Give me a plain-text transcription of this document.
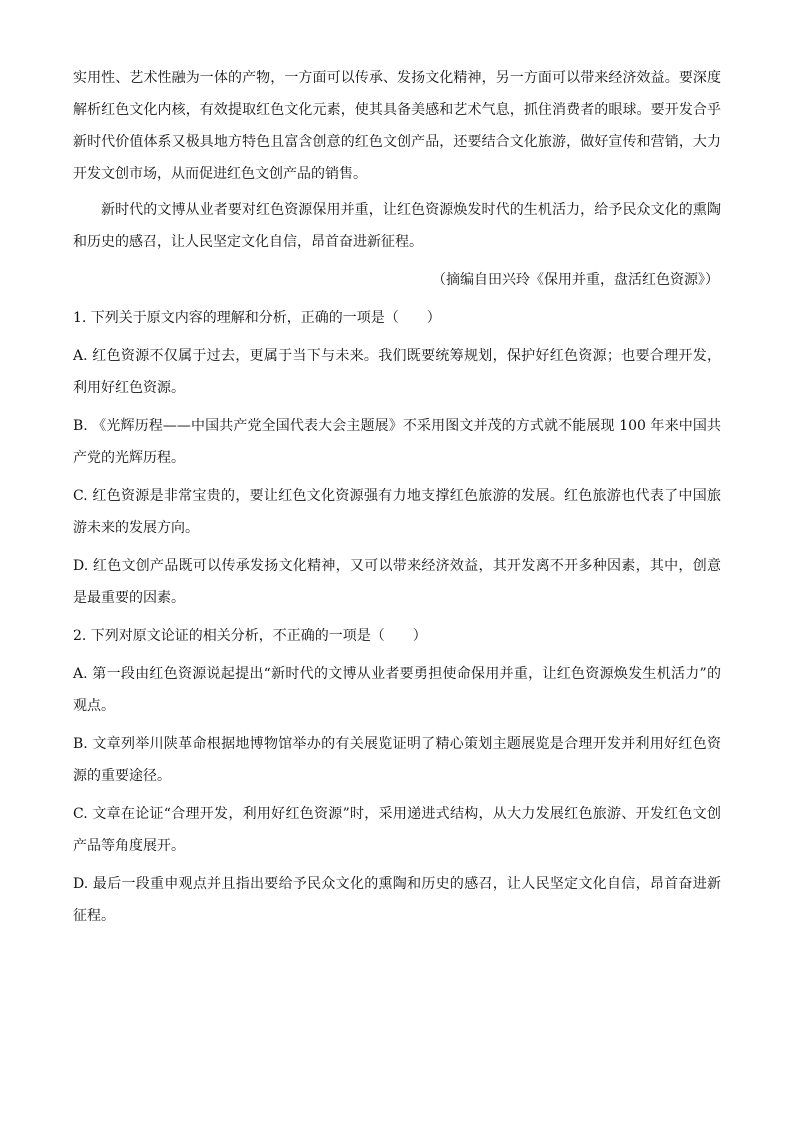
实用性、艺术性融为一体的产物，一方面可以传承、发扬文化精神，另一方面可以带来经济效益。要深度解析红色文化内核，有效提取红色文化元素，使其具备美感和艺术气息，抓住消费者的眼球。要开发合乎新时代价值体系又极具地方特色且富含创意的红色文创产品，还要结合文化旅游，做好宣传和营销，大力开发文创市场，从而促进红色文创产品的销售。

新时代的文博从业者要对红色资源保用并重，让红色资源焕发时代的生机活力，给予民众文化的熏陶和历史的感召，让人民坚定文化自信，昂首奋进新征程。

（摘编自田兴玲《保用并重，盘活红色资源》）

1. 下列关于原文内容的理解和分析，正确的一项是（　　）

A. 红色资源不仅属于过去，更属于当下与未来。我们既要统筹规划，保护好红色资源；也要合理开发，利用好红色资源。

B. 《光辉历程——中国共产党全国代表大会主题展》不采用图文并茂的方式就不能展现 100 年来中国共产党的光辉历程。

C. 红色资源是非常宝贵的，要让红色文化资源强有力地支撑红色旅游的发展。红色旅游也代表了中国旅游未来的发展方向。

D. 红色文创产品既可以传承发扬文化精神，又可以带来经济效益，其开发离不开多种因素，其中，创意是最重要的因素。

2. 下列对原文论证的相关分析，不正确的一项是（　　）

A. 第一段由红色资源说起提出“新时代的文博从业者要勇担使命保用并重，让红色资源焕发生机活力”的观点。

B. 文章列举川陕革命根据地博物馆举办的有关展览证明了精心策划主题展览是合理开发并利用好红色资源的重要途径。

C. 文章在论证“合理开发，利用好红色资源”时，采用递进式结构，从大力发展红色旅游、开发红色文创产品等角度展开。

D. 最后一段重申观点并且指出要给予民众文化的熏陶和历史的感召，让人民坚定文化自信，昂首奋进新征程。
